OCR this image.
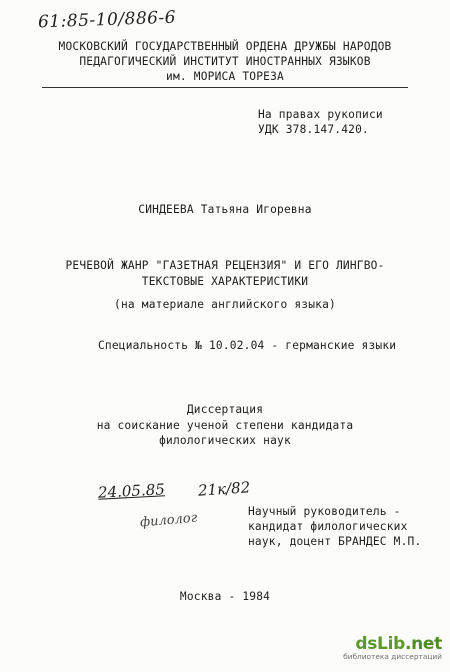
61:85-10/886-6
МОСКОВСКИЙ ГОСУДАРСТВЕННЫЙ ОРДЕНА ДРУЖБЫ НАРОДОВ
ПЕДАГОГИЧЕСКИЙ ИНСТИТУТ ИНОСТРАННЫХ ЯЗЫКОВ
им. МОРИСА ТОРЕЗА
На правах рукописи
УДК 378.147.420.
СИНДЕЕВА Татьяна Игоревна
РЕЧЕВОЙ ЖАНР "ГАЗЕТНАЯ РЕЦЕНЗИЯ" И ЕГО ЛИНГВО-
ТЕКСТОВЫЕ ХАРАКТЕРИСТИКИ
(на материале английского языка)
Специальность № 10.02.04 - германские языки
Диссертация
на соискание ученой степени кандидата
филологических наук
24.05.85 21к/82
филолог	Научный руководитель -
кандидат филологических
наук, доцент БРАНДЕС М.П.
Москва - 1984
dsLib.net
библиотека диссертаций
